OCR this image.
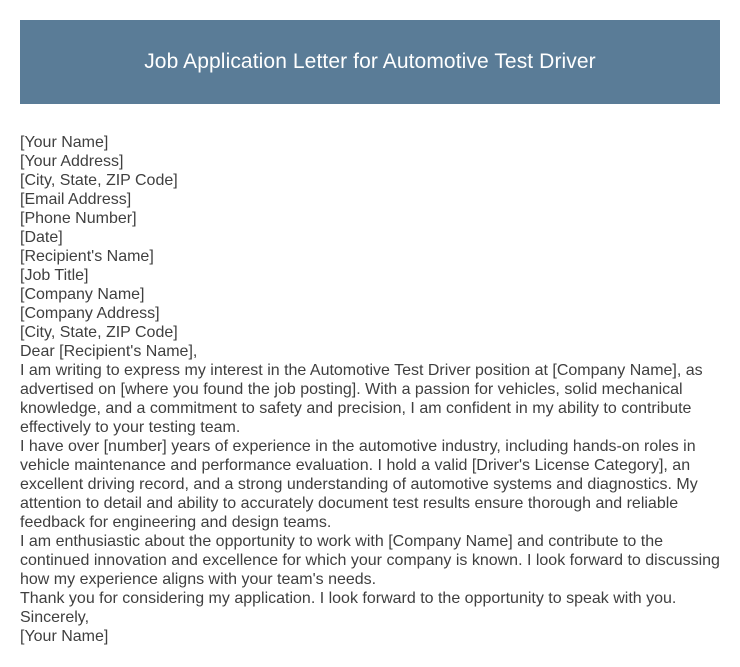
Job Application Letter for Automotive Test Driver

[Your Name]

[Your Address]

[City, State, ZIP Code]

[Email Address]

[Phone Number]

[Date]

[Recipient's Name]

[Job Title]

[Company Name]

[Company Address]

[City, State, ZIP Code]

Dear [Recipient's Name],

I am writing to express my interest in the Automotive Test Driver position at [Company Name], as advertised on [where you found the job posting]. With a passion for vehicles, solid mechanical knowledge, and a commitment to safety and precision, I am confident in my ability to contribute effectively to your testing team.

I have over [number] years of experience in the automotive industry, including hands-on roles in vehicle maintenance and performance evaluation. I hold a valid [Driver's License Category], an excellent driving record, and a strong understanding of automotive systems and diagnostics. My attention to detail and ability to accurately document test results ensure thorough and reliable feedback for engineering and design teams.

I am enthusiastic about the opportunity to work with [Company Name] and contribute to the continued innovation and excellence for which your company is known. I look forward to discussing how my experience aligns with your team's needs.

Thank you for considering my application. I look forward to the opportunity to speak with you.

Sincerely,

[Your Name]
